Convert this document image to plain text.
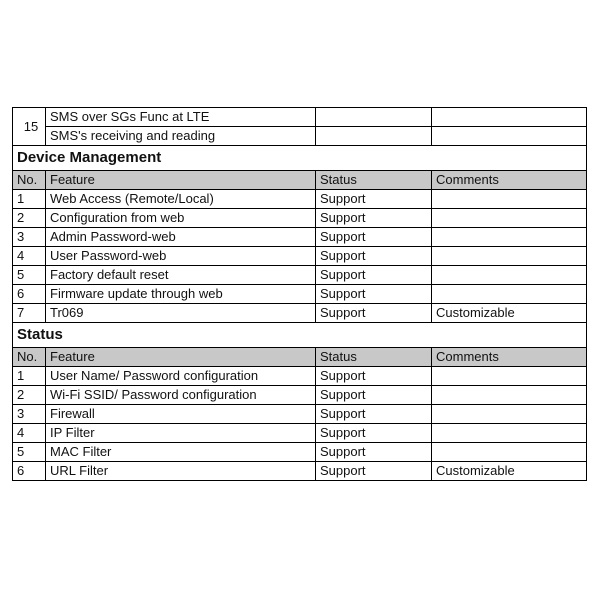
15	SMS over SGs Func at LTE		
	SMS's receiving and reading		
Device Management			
No.	Feature	Status	Comments
1	Web Access (Remote/Local)	Support	
2	Configuration from web	Support	
3	Admin Password-web	Support	
4	User Password-web	Support	
5	Factory default reset	Support	
6	Firmware update through web	Support	
7	Tr069	Support	Customizable
Status			
No.	Feature	Status	Comments
1	User Name/ Password configuration	Support	
2	Wi-Fi SSID/ Password configuration	Support	
3	Firewall	Support	
4	IP Filter	Support	
5	MAC Filter	Support	
6	URL Filter	Support	Customizable
